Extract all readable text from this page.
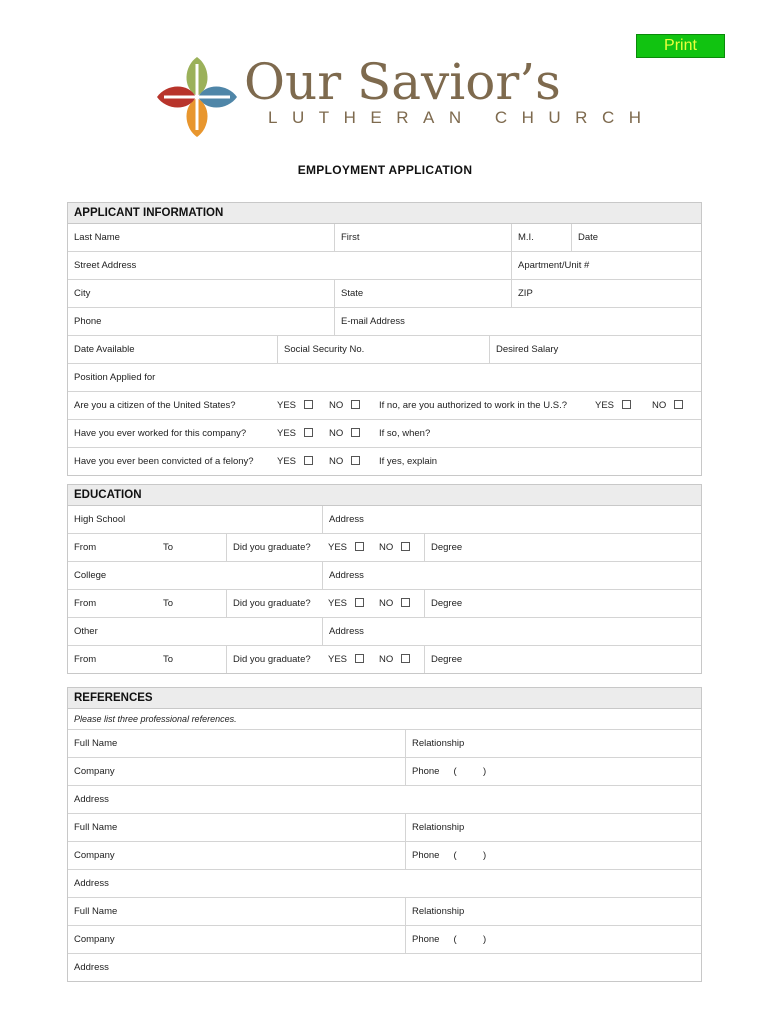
Print
Our Savior’s
LUTHERAN CHURCH
EMPLOYMENT APPLICATION
APPLICANT INFORMATION
Last Name	First	M.I.	Date
Street Address	Apartment/Unit #
City	State	ZIP
Phone	E-mail Address
Date Available	Social Security No.	Desired Salary
Position Applied for
Are you a citizen of the United States?	YES	NO	If no, are you authorized to work in the U.S.?	YES	NO
Have you ever worked for this company?	YES	NO	If so, when?
Have you ever been convicted of a felony? YES	NO	If yes, explain
EDUCATION
High School	Address
From	To	Did you graduate?	YES	NO	Degree
College	Address
From	To	Did you graduate?	YES	NO	Degree
Other	Address
From	To	Did you graduate?	YES	NO	Degree
REFERENCES
Please list three professional references.
Full Name	Relationship
Company	Phone (          )
Address
Full Name	Relationship
Company	Phone (          )
Address
Full Name	Relationship
Company	Phone (          )
Address
